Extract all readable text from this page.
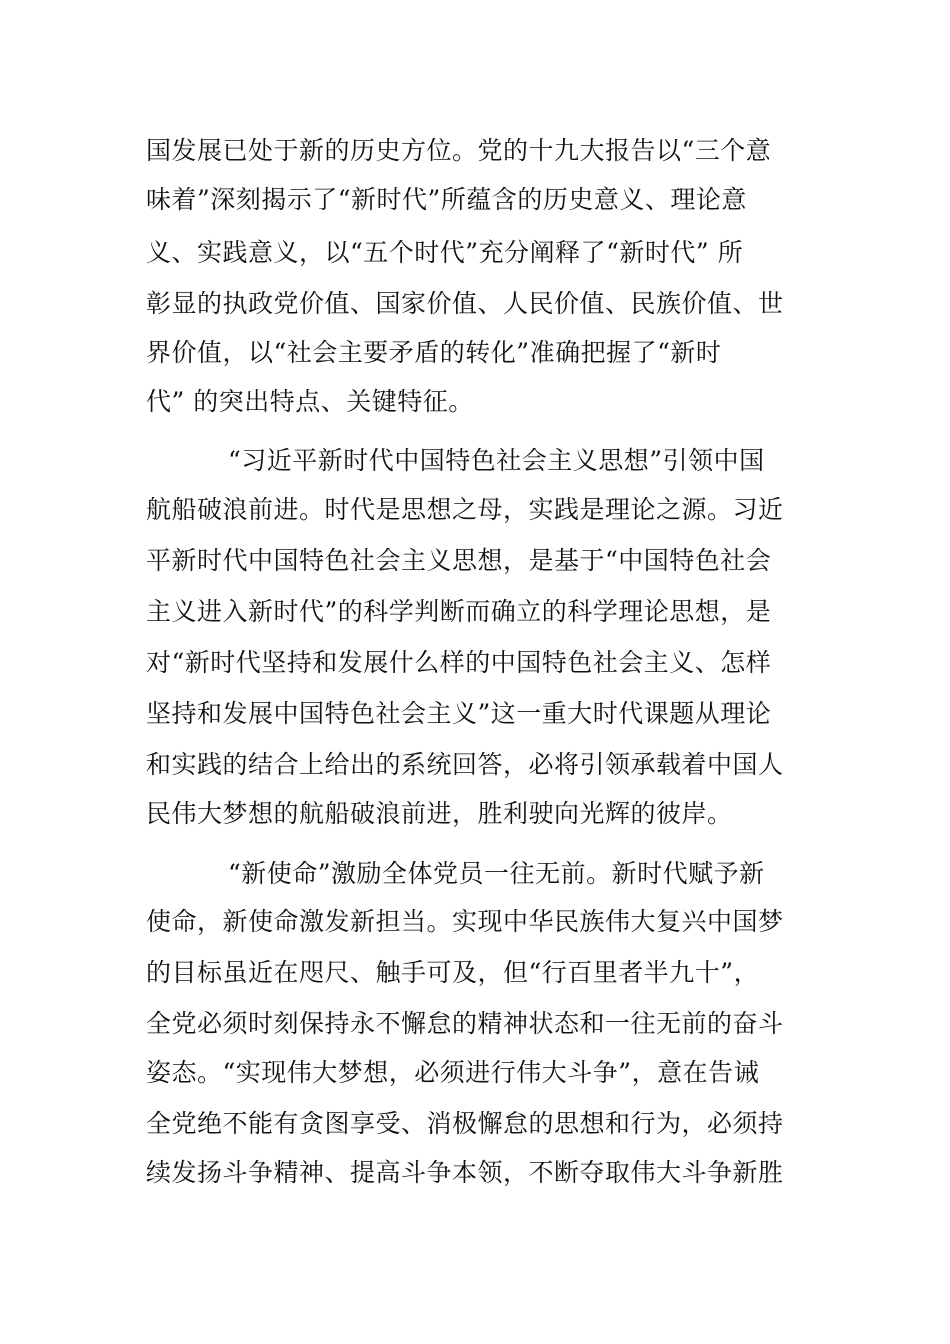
国发展已处于新的历史方位。党的十九大报告以“三个意
味着”深刻揭示了“新时代”所蕴含的历史意义、理论意
义、实践意义，以“五个时代”充分阐释了“新时代” 所
彰显的执政党价值、国家价值、人民价值、民族价值、世
界价值，以“社会主要矛盾的转化”准确把握了“新时
代” 的突出特点、关键特征。
“习近平新时代中国特色社会主义思想”引领中国
航船破浪前进。时代是思想之母，实践是理论之源。习近
平新时代中国特色社会主义思想，是基于“中国特色社会
主义进入新时代”的科学判断而确立的科学理论思想，是
对“新时代坚持和发展什么样的中国特色社会主义、怎样
坚持和发展中国特色社会主义”这一重大时代课题从理论
和实践的结合上给出的系统回答，必将引领承载着中国人
民伟大梦想的航船破浪前进，胜利驶向光辉的彼岸。
“新使命”激励全体党员一往无前。新时代赋予新
使命，新使命激发新担当。实现中华民族伟大复兴中国梦
的目标虽近在咫尺、触手可及，但“行百里者半九十”，
全党必须时刻保持永不懈怠的精神状态和一往无前的奋斗
姿态。“实现伟大梦想，必须进行伟大斗争”，意在告诫
全党绝不能有贪图享受、消极懈怠的思想和行为，必须持
续发扬斗争精神、提高斗争本领，不断夺取伟大斗争新胜
